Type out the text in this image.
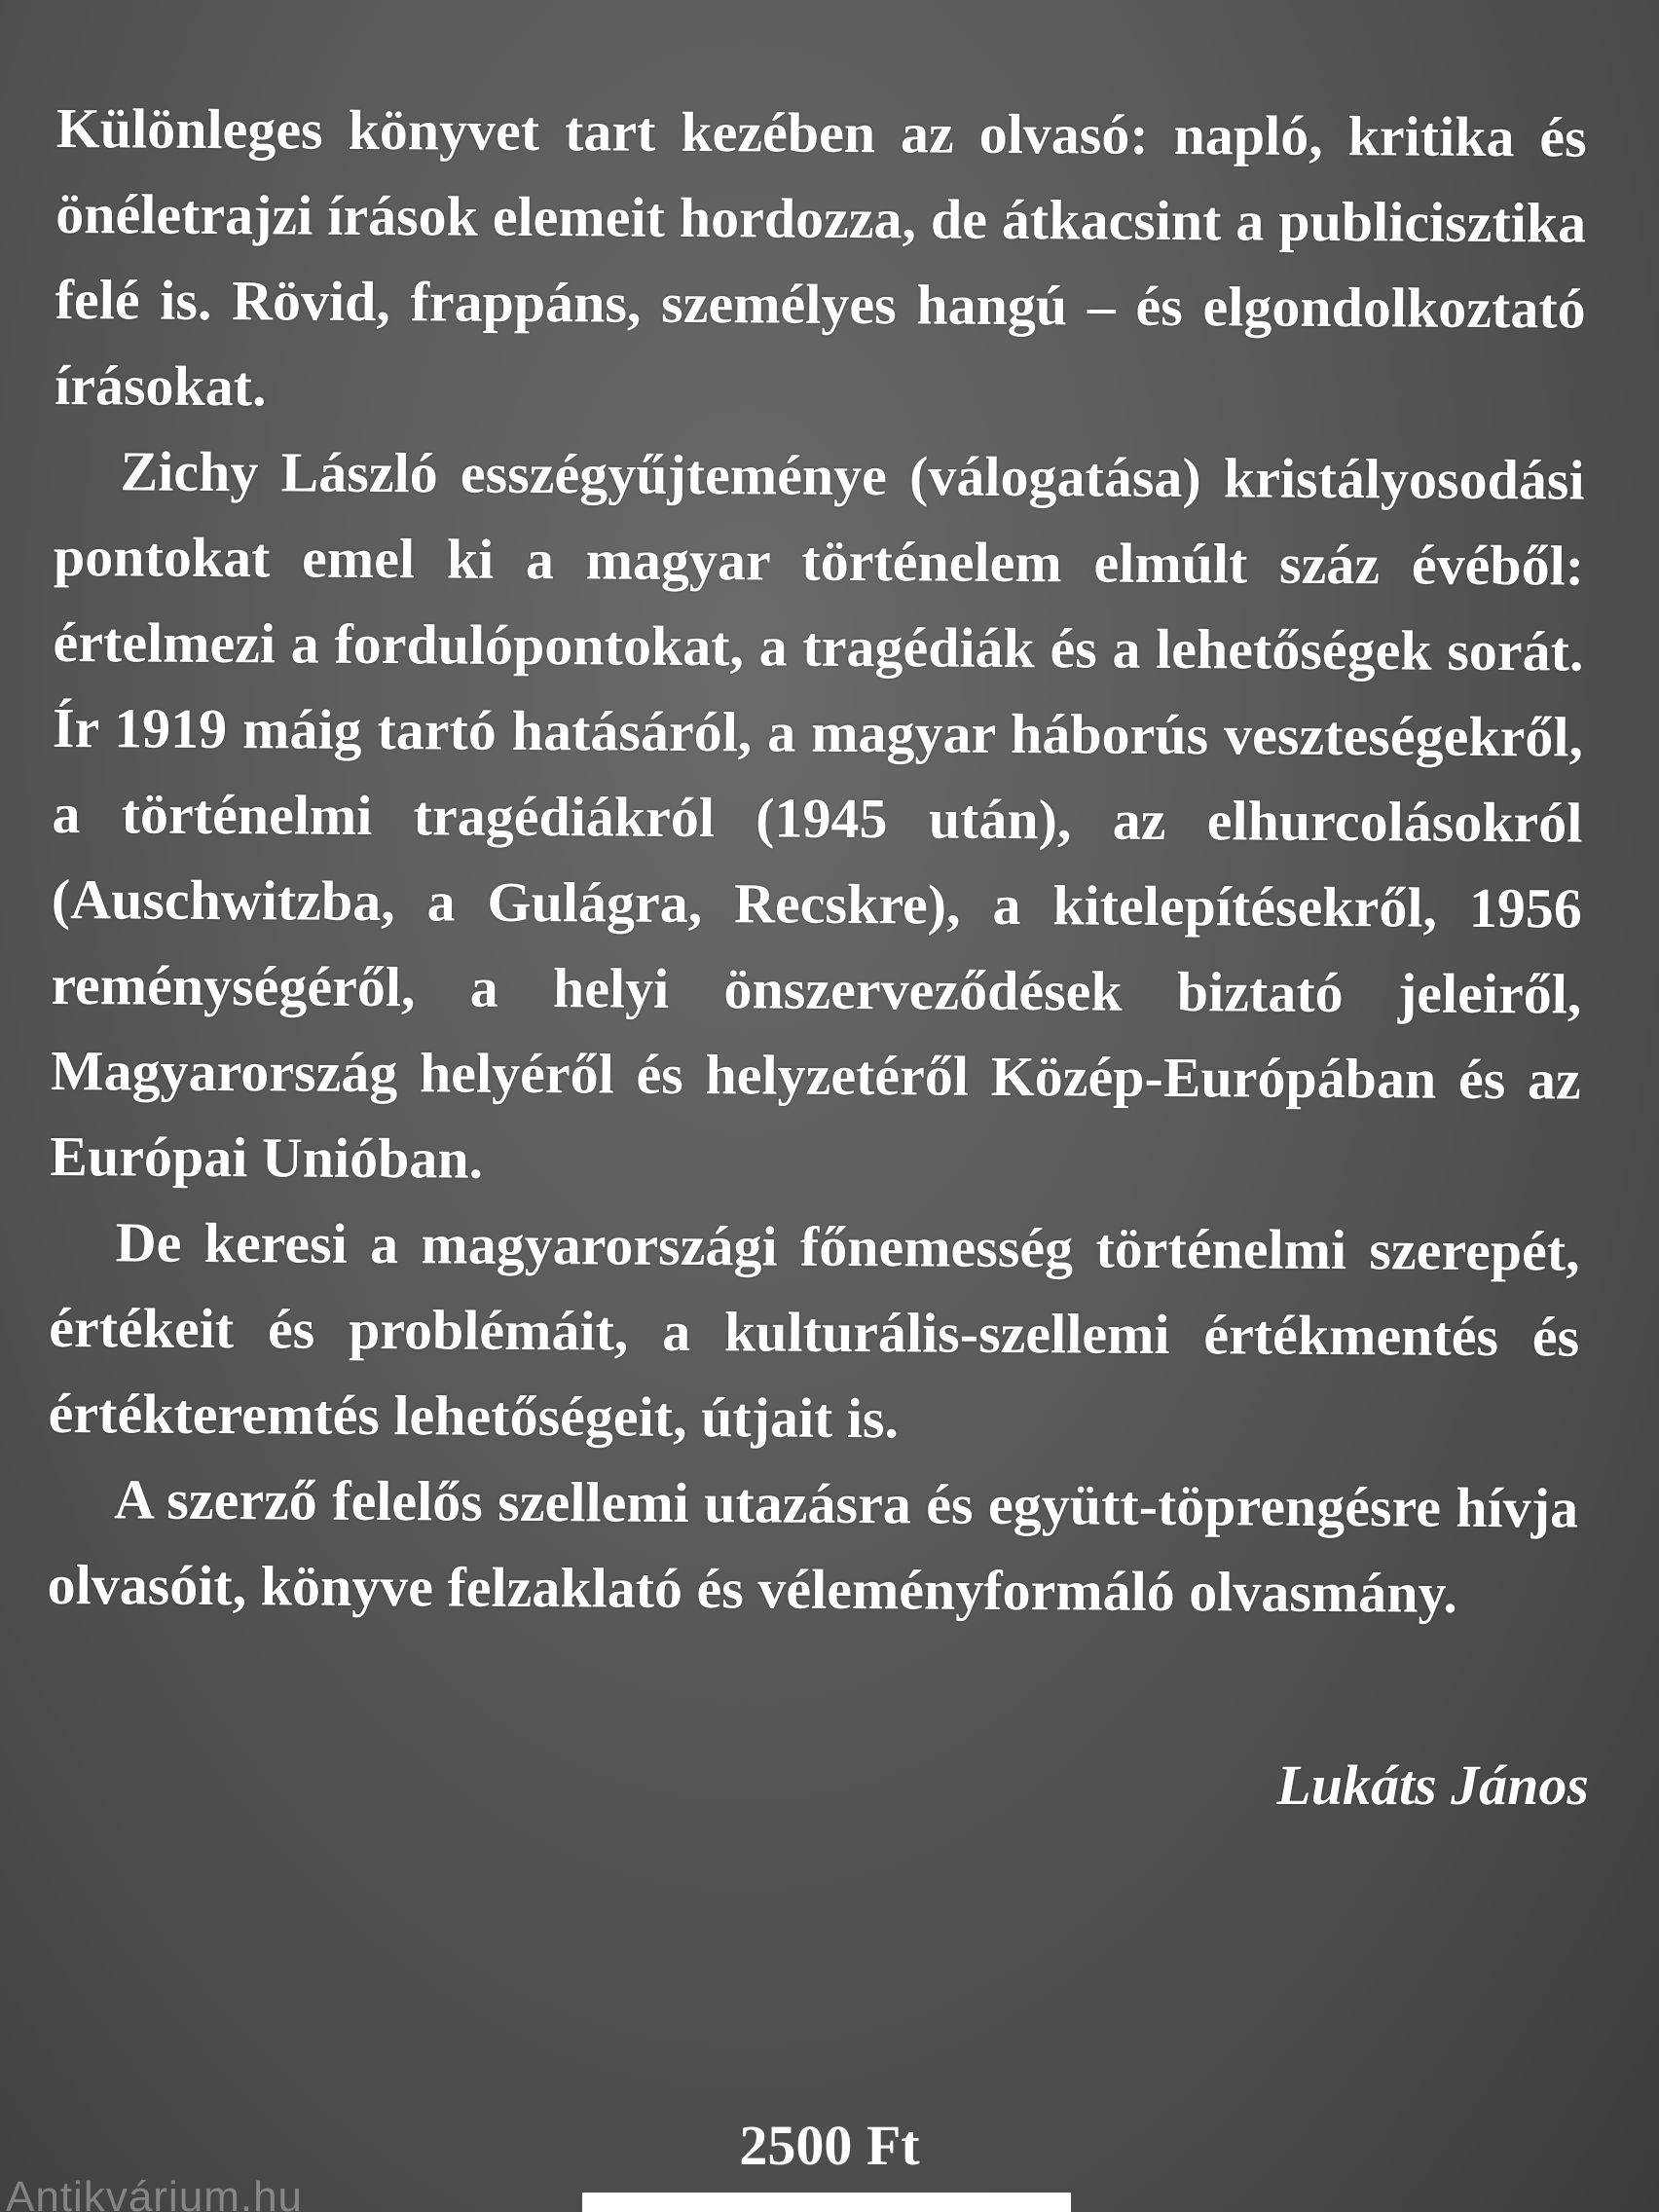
Különleges könyvet tart kezében az olvasó: napló, kritika és önéletrajzi írások elemeit hordozza, de átkacsint a publicisztika felé is. Rövid, frappáns, személyes hangú – és elgondolkoztató írásokat.

Zichy László esszégyűjteménye (válogatása) kristályosodási pontokat emel ki a magyar történelem elmúlt száz évéből: értelmezi a fordulópontokat, a tragédiák és a lehetőségek sorát. Ír 1919 máig tartó hatásáról, a magyar háborús veszteségekről, a történelmi tragédiákról (1945 után), az elhurcolásokról (Auschwitzba, a Gulágra, Recskre), a kitelepítésekről, 1956 reménységéről, a helyi önszerveződések biztató jeleiről, Magyarország helyéről és helyzetéről Közép-Európában és az Európai Unióban.

De keresi a magyarországi főnemesség történelmi szerepét, értékeit és problémáit, a kulturális-szellemi értékmentés és értékteremtés lehetőségeit, útjait is.

A szerző felelős szellemi utazásra és együtt-töprengésre hívja olvasóit, könyve felzaklató és véleményformáló olvasmány.

Lukáts János
2500 Ft
Antikvárium.hu
